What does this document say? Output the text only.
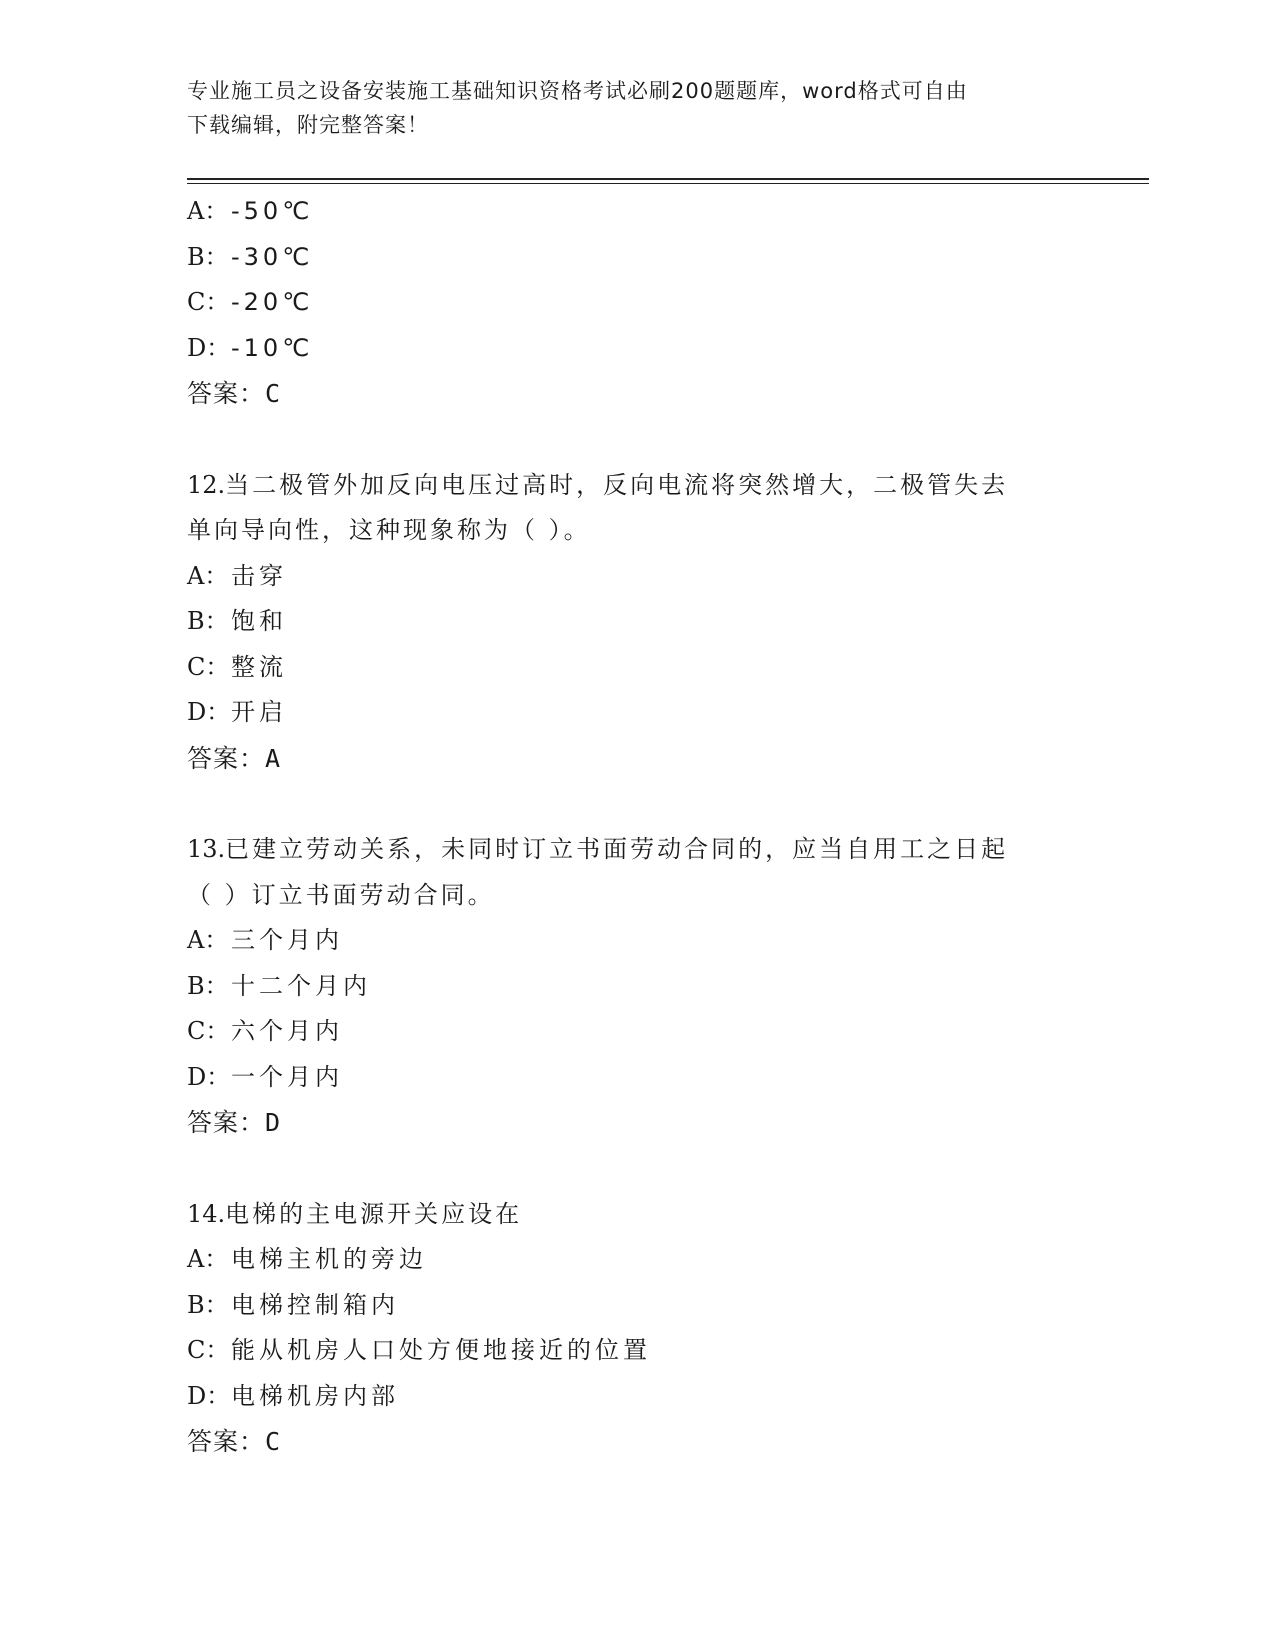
专业施工员之设备安装施工基础知识资格考试必刷200题题库，word格式可自由
下载编辑，附完整答案！
A： -50℃
B：-30℃
C：-20℃
D：-10℃
答案：C
12.当二极管外加反向电压过高时，反向电流将突然增大，二极管失去
单向导向性，这种现象称为（ ）。
A： 击穿
B：饱和
C：整流
D：开启
答案：A
13.已建立劳动关系，未同时订立书面劳动合同的，应当自用工之日起
（ ）订立书面劳动合同。
A： 三个月内
B：十二个月内
C：六个月内
D：一个月内
答案：D
14.电梯的主电源开关应设在
A： 电梯主机的旁边
B：电梯控制箱内
C：能从机房人口处方便地接近的位置
D：电梯机房内部
答案：C
